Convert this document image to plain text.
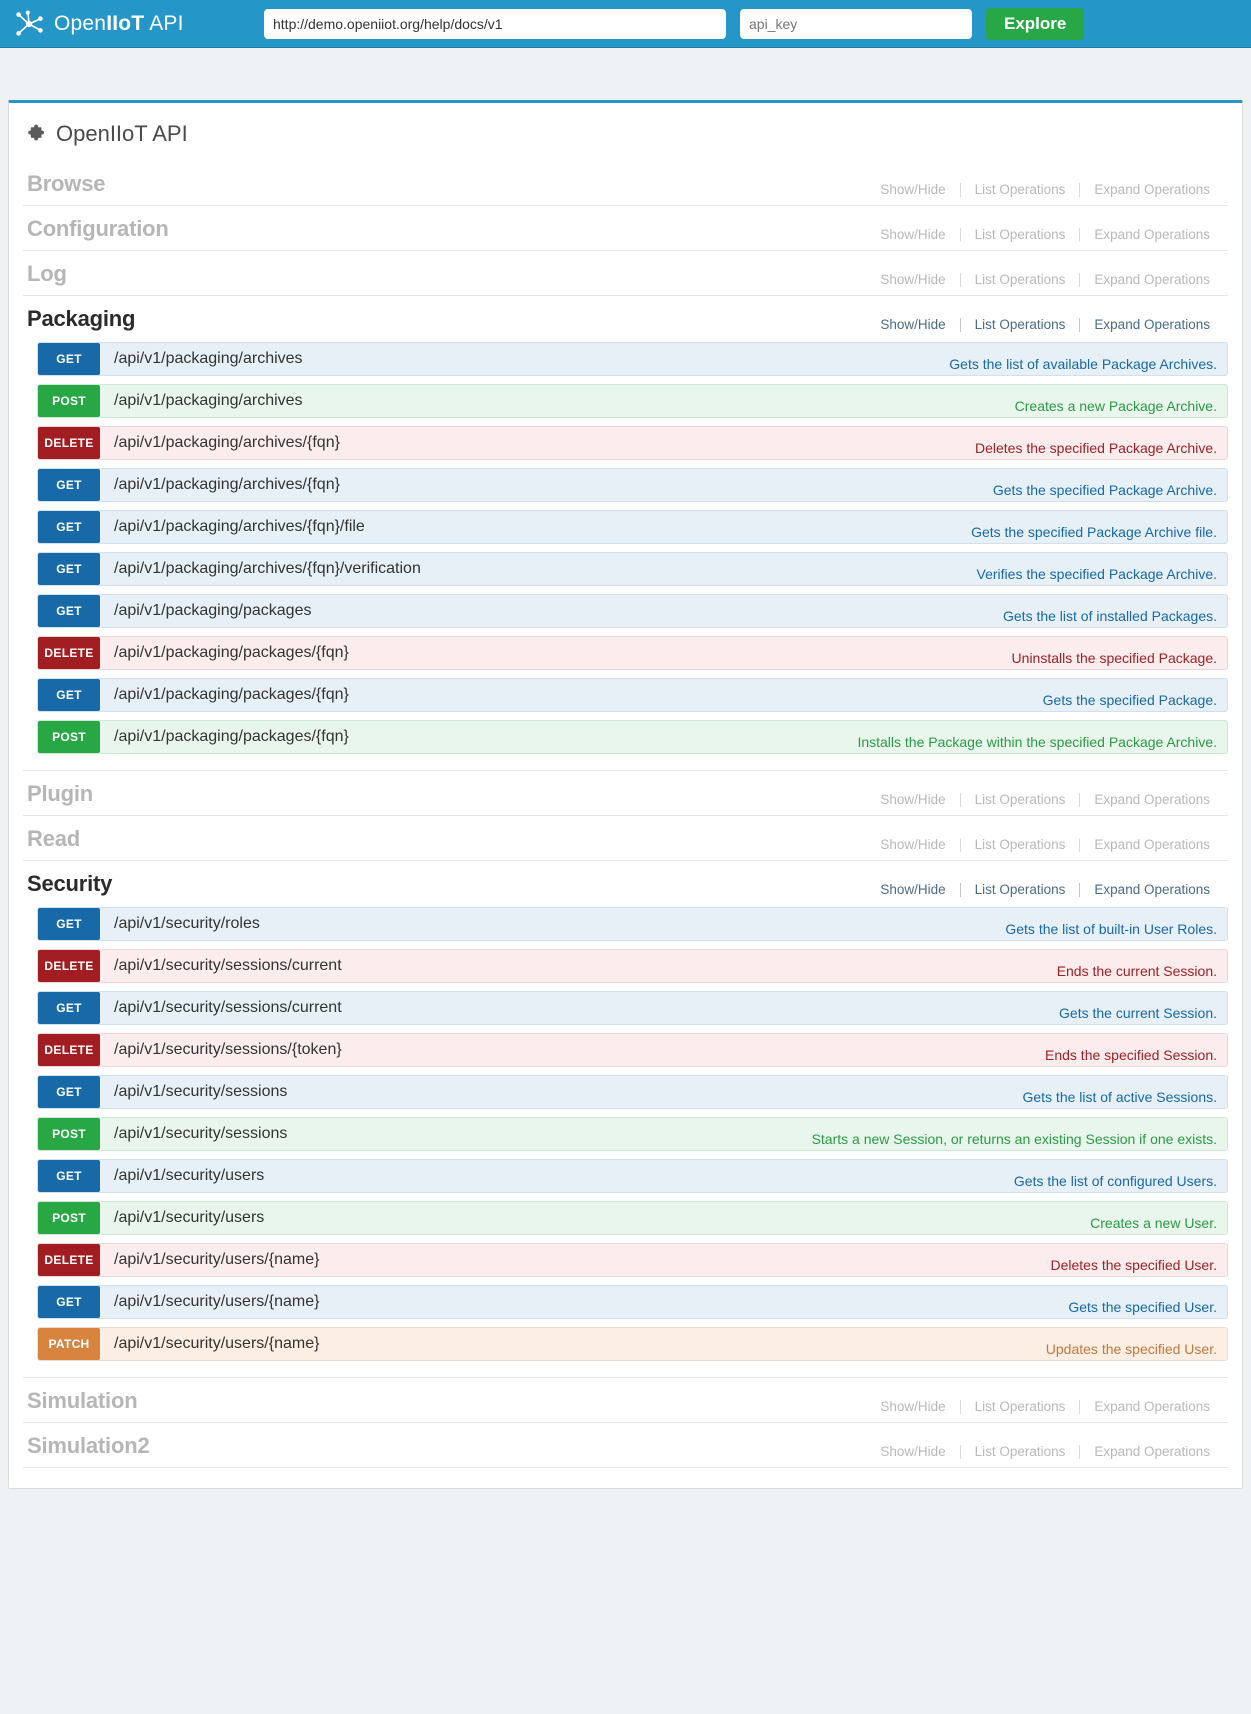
OpenIIoT API
http://demo.openiiot.org/help/docs/v1
api_key	Explore
OpenIIoT API
Browse	Show/Hide	List Operations	Expand Operations
Configuration	Show/Hide	List Operations	Expand Operations
Log	Show/Hide	List Operations	Expand Operations
Packaging	Show/Hide	List Operations	Expand Operations
GET	/api/v1/packaging/archives	Gets the list of available Package Archives.
POST	/api/v1/packaging/archives	Creates a new Package Archive.
DELETE	/api/v1/packaging/archives/{fqn}	Deletes the specified Package Archive.
GET	/api/v1/packaging/archives/{fqn}	Gets the specified Package Archive.
GET	/api/v1/packaging/archives/{fqn}/file	Gets the specified Package Archive file.
GET	/api/v1/packaging/archives/{fqn}/verification	Verifies the specified Package Archive.
GET	/api/v1/packaging/packages	Gets the list of installed Packages.
DELETE	/api/v1/packaging/packages/{fqn}	Uninstalls the specified Package.
GET	/api/v1/packaging/packages/{fqn}	Gets the specified Package.
POST	/api/v1/packaging/packages/{fqn}	Installs the Package within the specified Package Archive.
Plugin	Show/Hide	List Operations	Expand Operations
Read	Show/Hide	List Operations	Expand Operations
Security	Show/Hide	List Operations	Expand Operations
GET	/api/v1/security/roles	Gets the list of built-in User Roles.
DELETE	/api/v1/security/sessions/current	Ends the current Session.
GET	/api/v1/security/sessions/current	Gets the current Session.
DELETE	/api/v1/security/sessions/{token}	Ends the specified Session.
GET	/api/v1/security/sessions	Gets the list of active Sessions.
POST	/api/v1/security/sessions	Starts a new Session, or returns an existing Session if one exists.
GET	/api/v1/security/users	Gets the list of configured Users.
POST	/api/v1/security/users	Creates a new User.
DELETE	/api/v1/security/users/{name}	Deletes the specified User.
GET	/api/v1/security/users/{name}	Gets the specified User.
PATCH	/api/v1/security/users/{name}	Updates the specified User.
Simulation	Show/Hide	List Operations	Expand Operations
Simulation2	Show/Hide	List Operations	Expand Operations
